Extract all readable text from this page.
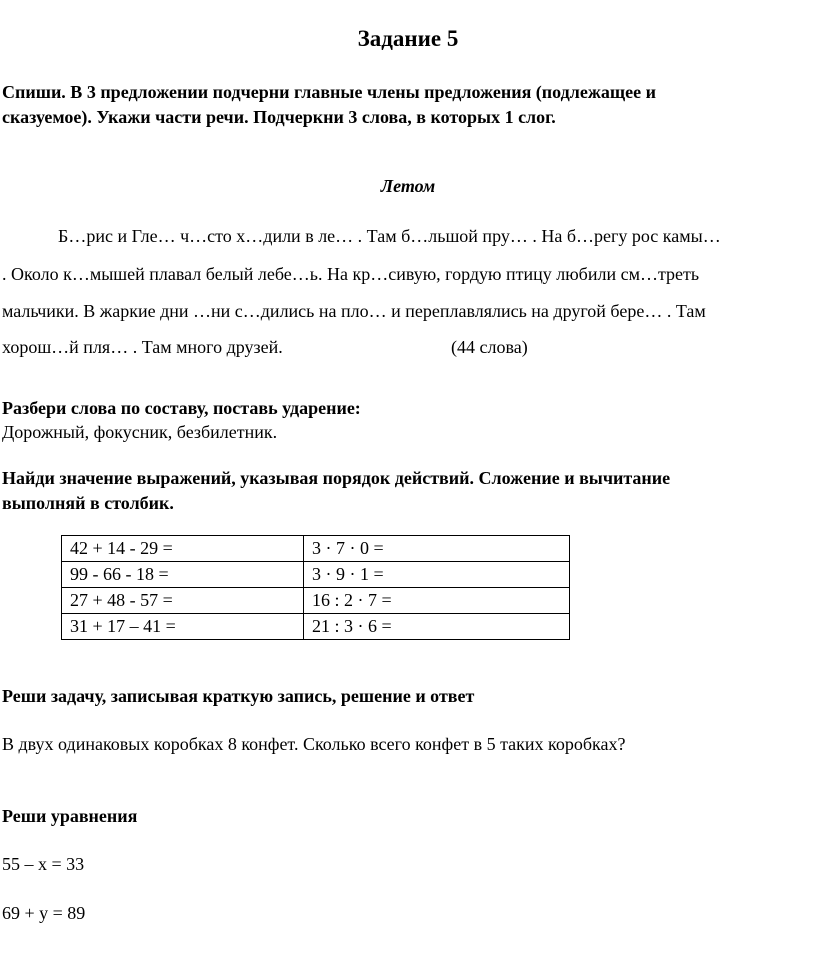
Задание 5
Спиши. В 3 предложении подчерни главные члены предложения (подлежащее и
сказуемое). Укажи части речи. Подчеркни 3 слова, в которых 1 слог.
Летом
Б…рис и Гле… ч…сто х…дили в ле… . Там б…льшой пру… . На б…регу рос камы…
. Около к…мышей плавал белый лебе…ь. На кр…сивую, гордую птицу любили см…треть
мальчики. В жаркие дни …ни с…дились на пло… и переплавлялись на другой бере… . Там
хорош…й пля… . Там много друзей.	(44 слова)
Разбери слова по составу, поставь ударение:
Дорожный, фокусник, безбилетник.
Найди значение выражений, указывая порядок действий. Сложение и вычитание
выполняй в столбик.
42 + 14 - 29 =	3 · 7 · 0 =
99 - 66 - 18 =	3 · 9 · 1 =
27 + 48 - 57 =	16 : 2 · 7 =
31 + 17 – 41 =	21 : 3 · 6 =
Реши задачу, записывая краткую запись, решение и ответ
В двух одинаковых коробках 8 конфет. Сколько всего конфет в 5 таких коробках?
Реши уравнения
55 – х = 33
69 + у = 89
